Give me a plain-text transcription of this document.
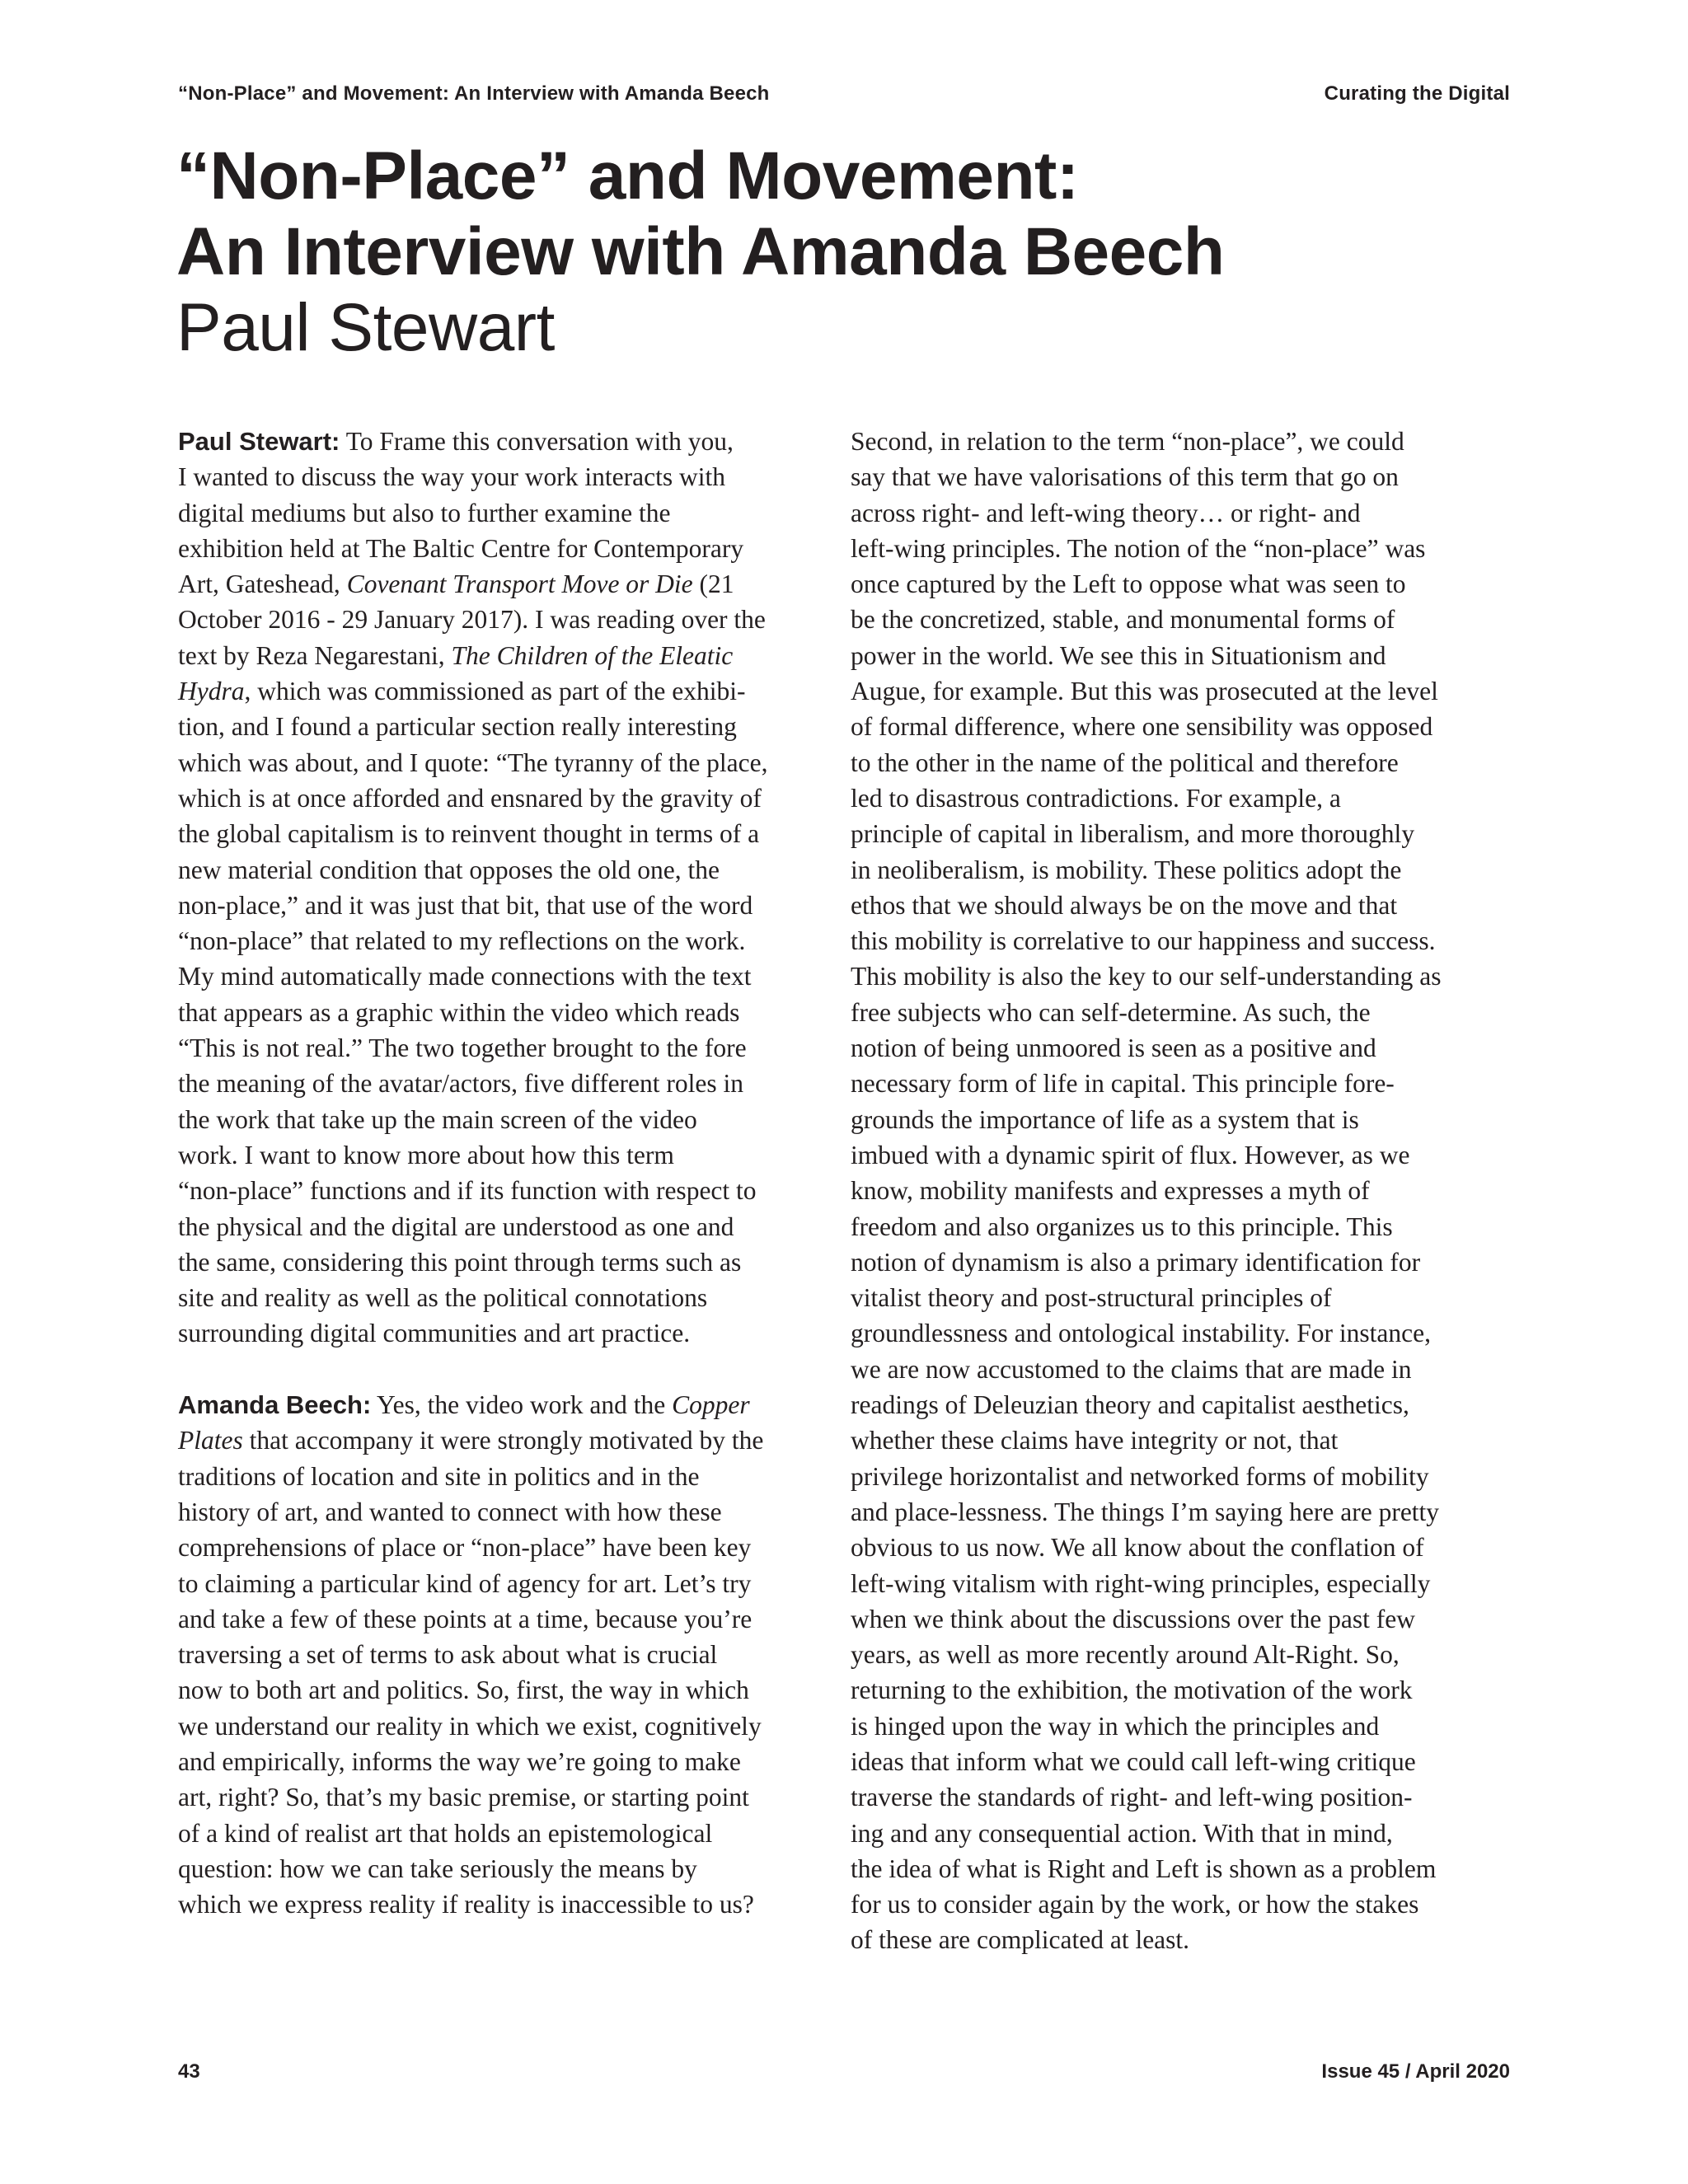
“Non-Place” and Movement: An Interview with Amanda Beech	Curating the Digital
“Non-Place” and Movement:
An Interview with Amanda Beech
Paul Stewart
Paul Stewart: To Frame this conversation with you,
I wanted to discuss the way your work interacts with
digital mediums but also to further examine the
exhibition held at The Baltic Centre for Contemporary
Art, Gateshead, Covenant Transport Move or Die (21
October 2016 - 29 January 2017). I was reading over the
text by Reza Negarestani, The Children of the Eleatic
Hydra, which was commissioned as part of the exhibi-
tion, and I found a particular section really interesting
which was about, and I quote: “The tyranny of the place,
which is at once afforded and ensnared by the gravity of
the global capitalism is to reinvent thought in terms of a
new material condition that opposes the old one, the
non-place,” and it was just that bit, that use of the word
“non-place” that related to my reflections on the work.
My mind automatically made connections with the text
that appears as a graphic within the video which reads
“This is not real.” The two together brought to the fore
the meaning of the avatar/actors, five different roles in
the work that take up the main screen of the video
work. I want to know more about how this term
“non-place” functions and if its function with respect to
the physical and the digital are understood as one and
the same, considering this point through terms such as
site and reality as well as the political connotations
surrounding digital communities and art practice.
Amanda Beech: Yes, the video work and the Copper
Plates that accompany it were strongly motivated by the
traditions of location and site in politics and in the
history of art, and wanted to connect with how these
comprehensions of place or “non-place” have been key
to claiming a particular kind of agency for art. Let’s try
and take a few of these points at a time, because you’re
traversing a set of terms to ask about what is crucial
now to both art and politics. So, first, the way in which
we understand our reality in which we exist, cognitively
and empirically, informs the way we’re going to make
art, right? So, that’s my basic premise, or starting point
of a kind of realist art that holds an epistemological
question: how we can take seriously the means by
which we express reality if reality is inaccessible to us?
Second, in relation to the term “non-place”, we could
say that we have valorisations of this term that go on
across right- and left-wing theory… or right- and
left-wing principles. The notion of the “non-place” was
once captured by the Left to oppose what was seen to
be the concretized, stable, and monumental forms of
power in the world. We see this in Situationism and
Augue, for example. But this was prosecuted at the level
of formal difference, where one sensibility was opposed
to the other in the name of the political and therefore
led to disastrous contradictions. For example, a
principle of capital in liberalism, and more thoroughly
in neoliberalism, is mobility. These politics adopt the
ethos that we should always be on the move and that
this mobility is correlative to our happiness and success.
This mobility is also the key to our self-understanding as
free subjects who can self-determine. As such, the
notion of being unmoored is seen as a positive and
necessary form of life in capital. This principle fore-
grounds the importance of life as a system that is
imbued with a dynamic spirit of flux. However, as we
know, mobility manifests and expresses a myth of
freedom and also organizes us to this principle. This
notion of dynamism is also a primary identification for
vitalist theory and post-structural principles of
groundlessness and ontological instability. For instance,
we are now accustomed to the claims that are made in
readings of Deleuzian theory and capitalist aesthetics,
whether these claims have integrity or not, that
privilege horizontalist and networked forms of mobility
and place-lessness. The things I’m saying here are pretty
obvious to us now. We all know about the conflation of
left-wing vitalism with right-wing principles, especially
when we think about the discussions over the past few
years, as well as more recently around Alt-Right. So,
returning to the exhibition, the motivation of the work
is hinged upon the way in which the principles and
ideas that inform what we could call left-wing critique
traverse the standards of right- and left-wing position-
ing and any consequential action. With that in mind,
the idea of what is Right and Left is shown as a problem
for us to consider again by the work, or how the stakes
of these are complicated at least.
43	Issue 45 / April 2020
